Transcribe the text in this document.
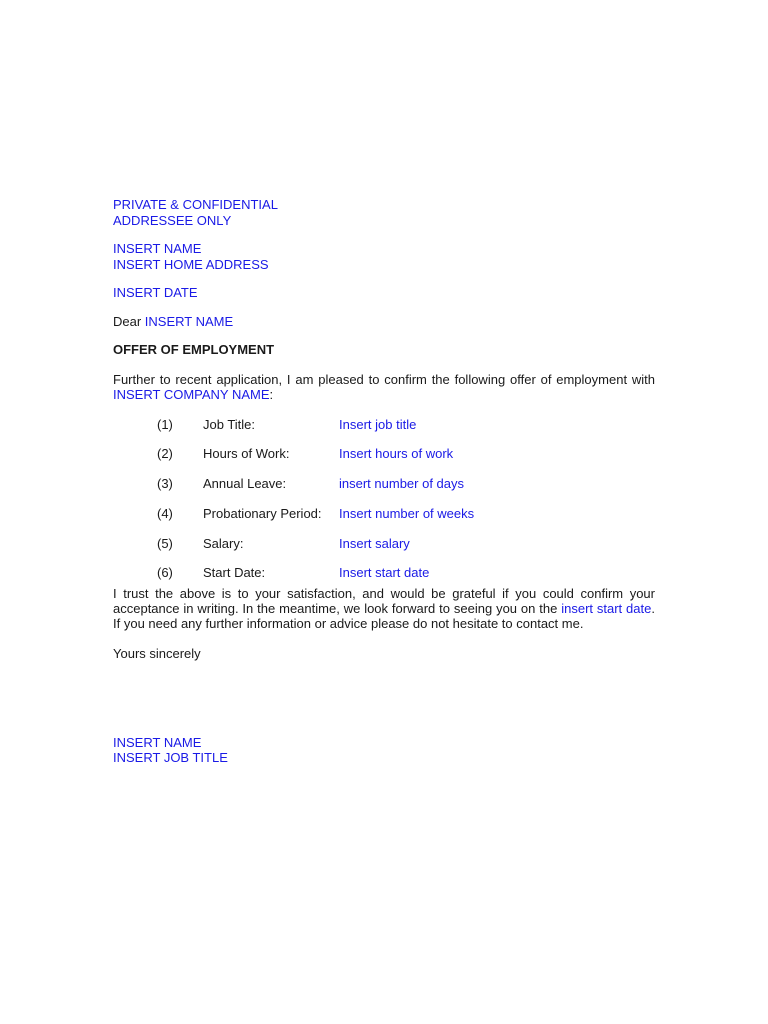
PRIVATE & CONFIDENTIAL
ADDRESSEE ONLY
INSERT NAME
INSERT HOME ADDRESS
INSERT DATE
Dear INSERT NAME
OFFER OF EMPLOYMENT
Further to recent application, I am pleased to confirm the following offer of employment with INSERT COMPANY NAME:
(1)	Job Title:	Insert job title
(2)	Hours of Work:	Insert hours of work
(3)	Annual Leave:	insert number of days
(4)	Probationary Period:	Insert number of weeks
(5)	Salary:	Insert salary
(6)	Start Date:	Insert start date
I trust the above is to your satisfaction, and would be grateful if you could confirm your acceptance in writing. In the meantime, we look forward to seeing you on the insert start date. If you need any further information or advice please do not hesitate to contact me.
Yours sincerely
INSERT NAME
INSERT JOB TITLE
